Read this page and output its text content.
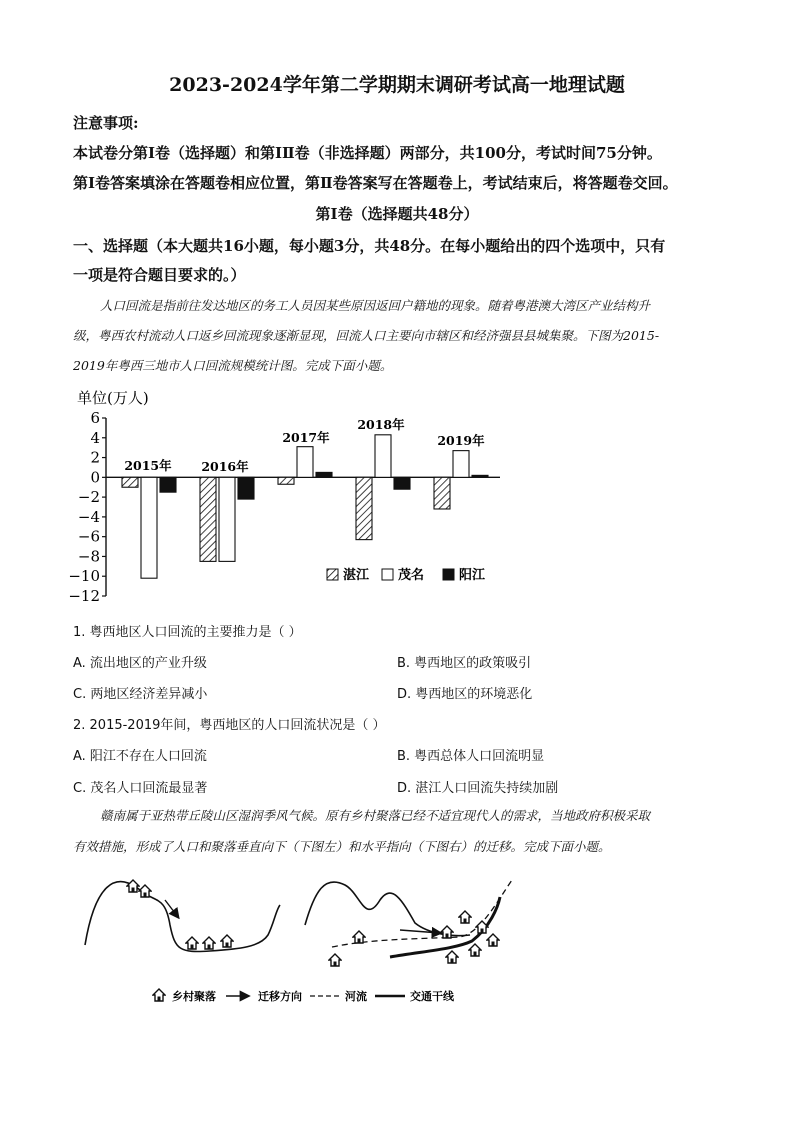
2023-2024学年第二学期期末调研考试高一地理试题
注意事项:
本试卷分第Ⅰ卷（选择题）和第ⅠⅡ卷（非选择题）两部分，共100分，考试时间75分钟。
第Ⅰ卷答案填涂在答题卷相应位置，第Ⅱ卷答案写在答题卷上，考试结束后，将答题卷交回。
第Ⅰ卷（选择题共48分）
一、选择题（本大题共16小题，每小题3分，共48分。在每小题给出的四个选项中，只有
一项是符合题目要求的。）
人口回流是指前往发达地区的务工人员因某些原因返回户籍地的现象。随着粤港澳大湾区产业结构升
级，粤西农村流动人口返乡回流现象逐渐显现，回流人口主要向市辖区和经济强县县城集聚。下图为2015-
2019年粤西三地市人口回流规模统计图。完成下面小题。
单位(万人)
6
4
2
0
−2
−4
−6
−8
−10
−12
2015年 2016年
2017年
2018年
2019年
湛江 茂名	阳江
1. 粤西地区人口回流的主要推力是（ ）
A. 流出地区的产业升级	B. 粤西地区的政策吸引
C. 两地区经济差异减小	D. 粤西地区的环境恶化
2. 2015-2019年间，粤西地区的人口回流状况是（ ）
A. 阳江不存在人口回流	B. 粤西总体人口回流明显
C. 茂名人口回流最显著	D. 湛江人口回流失持续加剧
赣南属于亚热带丘陵山区湿润季风气候。原有乡村聚落已经不适宜现代人的需求，当地政府积极采取
有效措施，形成了人口和聚落垂直向下（下图左）和水平指向（下图右）的迁移。完成下面小题。
乡村聚落	迁移方向	河流	交通干线
